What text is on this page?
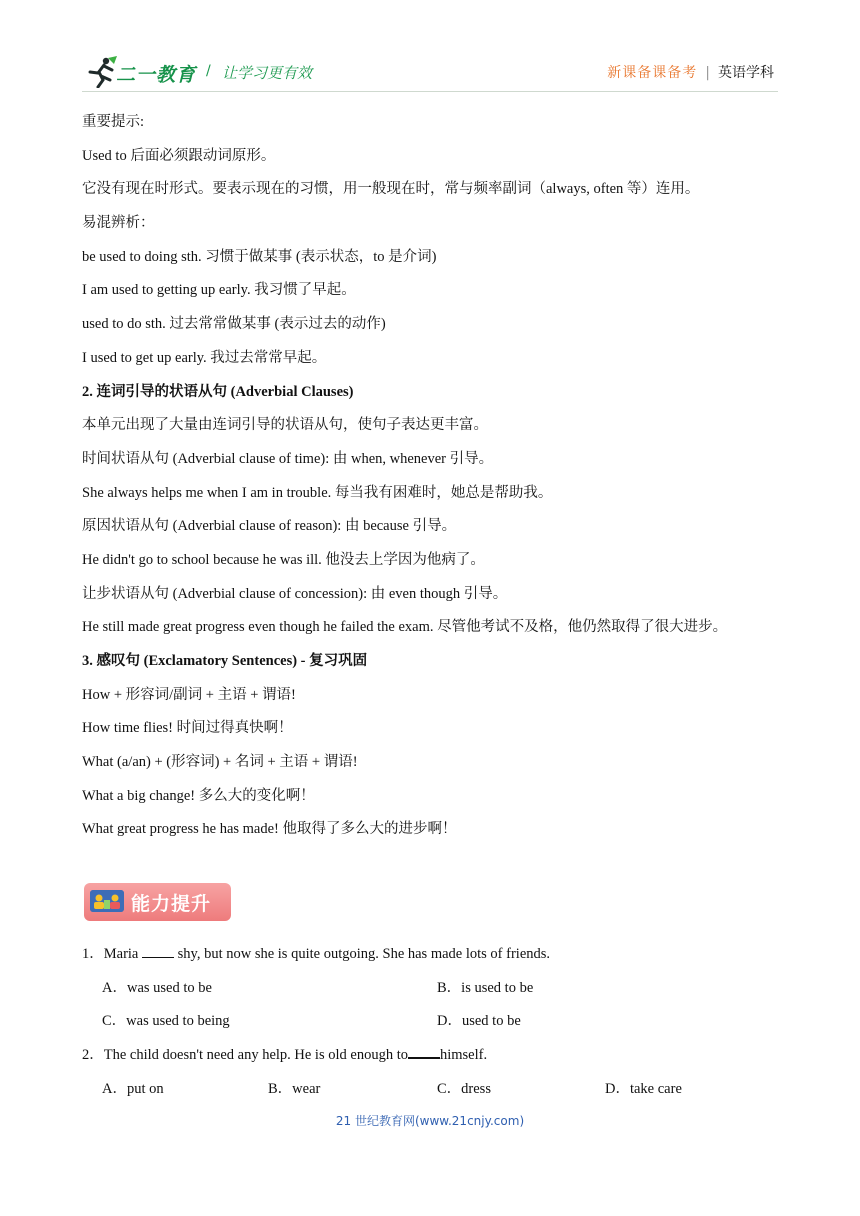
二一教育 / 让学习更有效	新课备课备考 | 英语学科
重要提示:
Used to 后面必须跟动词原形。
它没有现在时形式。要表示现在的习惯，用一般现在时，常与频率副词（always, often 等）连用。
易混辨析：
be used to doing sth. 习惯于做某事 (表示状态，to 是介词)
I am used to getting up early. 我习惯了早起。
used to do sth. 过去常常做某事 (表示过去的动作)
I used to get up early. 我过去常常早起。
2. 连词引导的状语从句 (Adverbial Clauses)
本单元出现了大量由连词引导的状语从句，使句子表达更丰富。
时间状语从句 (Adverbial clause of time): 由 when, whenever 引导。
She always helps me when I am in trouble. 每当我有困难时，她总是帮助我。
原因状语从句 (Adverbial clause of reason): 由 because 引导。
He didn't go to school because he was ill. 他没去上学因为他病了。
让步状语从句 (Adverbial clause of concession): 由 even though 引导。
He still made great progress even though he failed the exam. 尽管他考试不及格，他仍然取得了很大进步。
3. 感叹句 (Exclamatory Sentences) - 复习巩固
How + 形容词/副词 + 主语 + 谓语!
How time flies! 时间过得真快啊！
What (a/an) + (形容词) + 名词 + 主语 + 谓语!
What a big change! 多么大的变化啊！
What great progress he has made! 他取得了多么大的进步啊！
能力提升
1．Maria  shy, but now she is quite outgoing. She has made lots of friends.
A．was used to be	B．is used to be
C．was used to being	D．used to be
2．The child doesn't need any help. He is old enough to himself.
A．put on	B．wear	C．dress	D．take care
21 世纪教育网(www.21cnjy.com)
